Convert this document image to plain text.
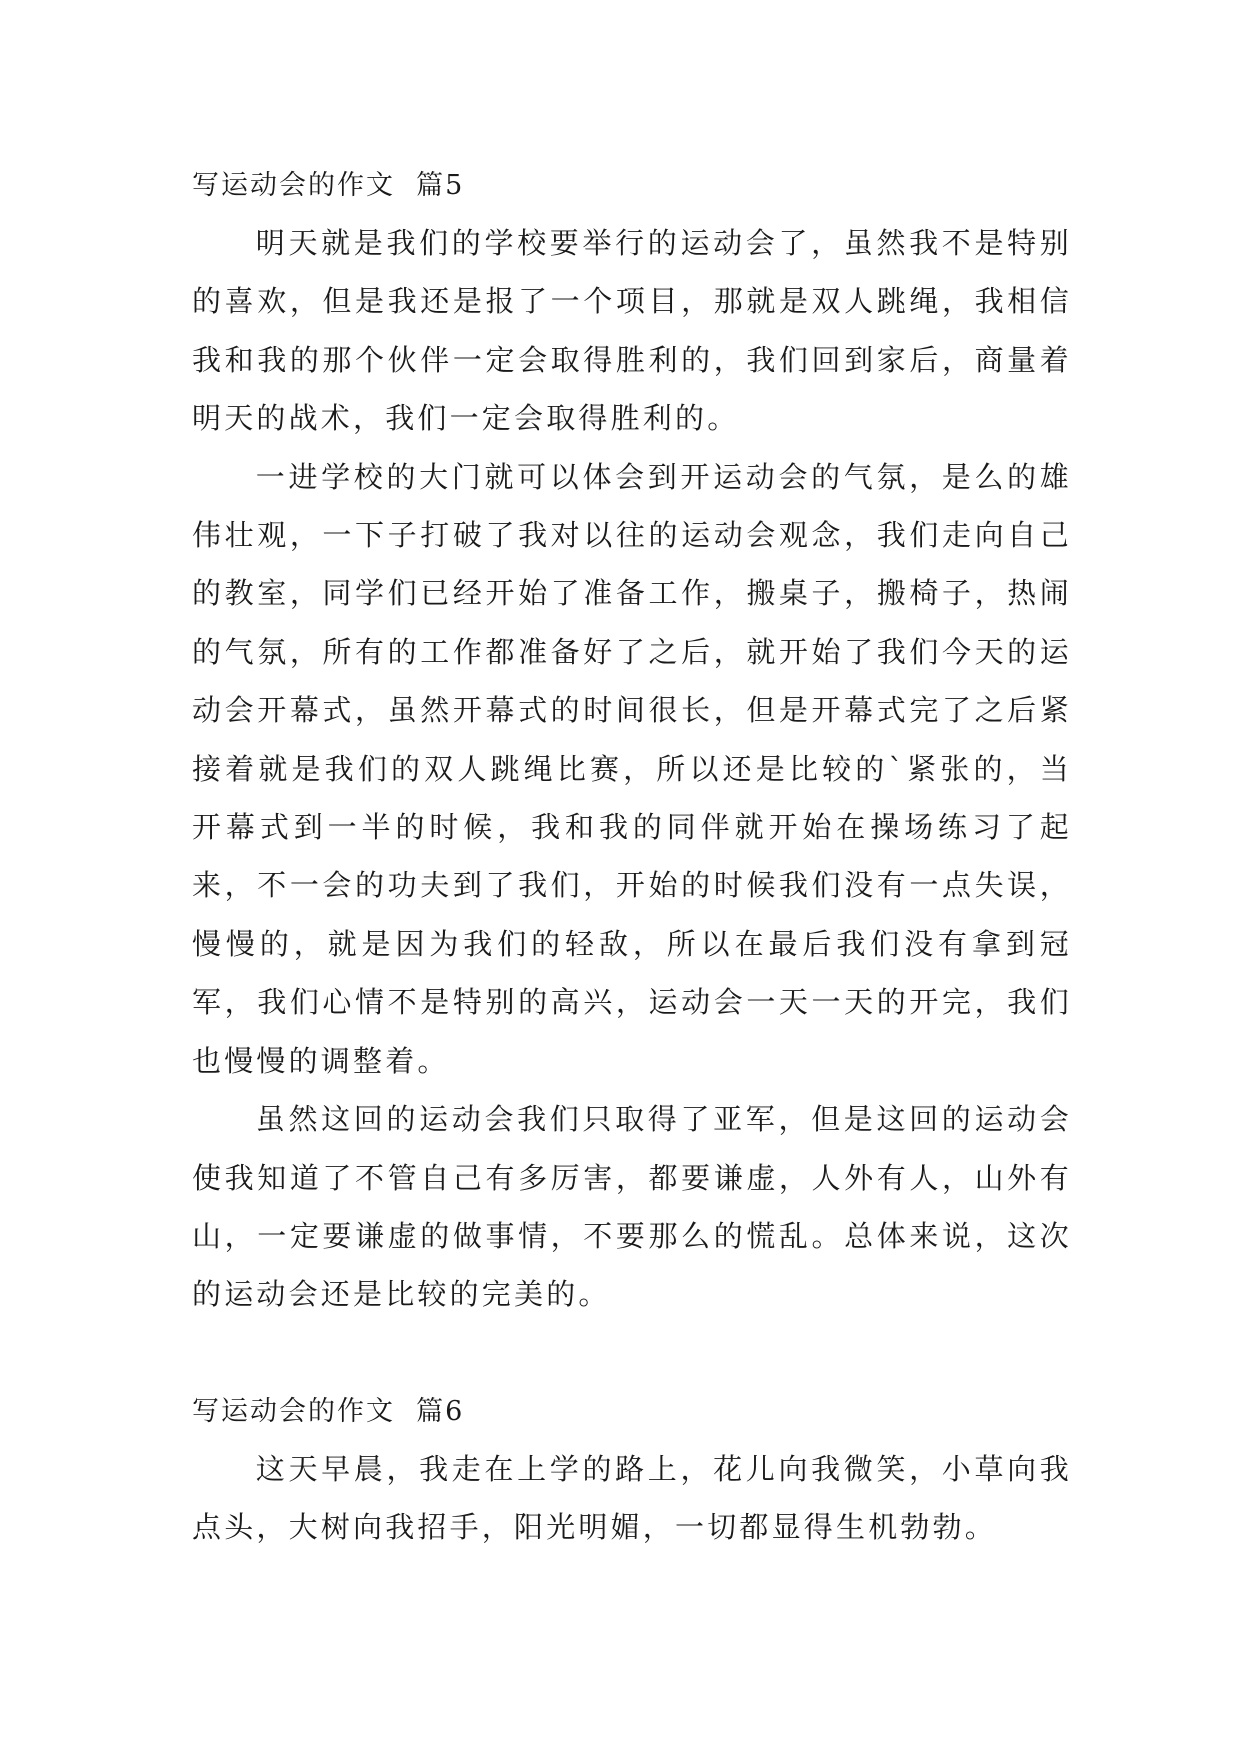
写运动会的作文  篇5

明天就是我们的学校要举行的运动会了，虽然我不是特别的喜欢，但是我还是报了一个项目，那就是双人跳绳，我相信我和我的那个伙伴一定会取得胜利的，我们回到家后，商量着明天的战术，我们一定会取得胜利的。

一进学校的大门就可以体会到开运动会的气氛，是么的雄伟壮观，一下子打破了我对以往的运动会观念，我们走向自己的教室，同学们已经开始了准备工作，搬桌子，搬椅子，热闹的气氛，所有的工作都准备好了之后，就开始了我们今天的运动会开幕式，虽然开幕式的时间很长，但是开幕式完了之后紧接着就是我们的双人跳绳比赛，所以还是比较的`紧张的，当开幕式到一半的时候，我和我的同伴就开始在操场练习了起来，不一会的功夫到了我们，开始的时候我们没有一点失误，慢慢的，就是因为我们的轻敌，所以在最后我们没有拿到冠军，我们心情不是特别的高兴，运动会一天一天的开完，我们也慢慢的调整着。

虽然这回的运动会我们只取得了亚军，但是这回的运动会使我知道了不管自己有多厉害，都要谦虚，人外有人，山外有山，一定要谦虚的做事情，不要那么的慌乱。总体来说，这次的运动会还是比较的完美的。

写运动会的作文  篇6

这天早晨，我走在上学的路上，花儿向我微笑，小草向我点头，大树向我招手，阳光明媚，一切都显得生机勃勃。
